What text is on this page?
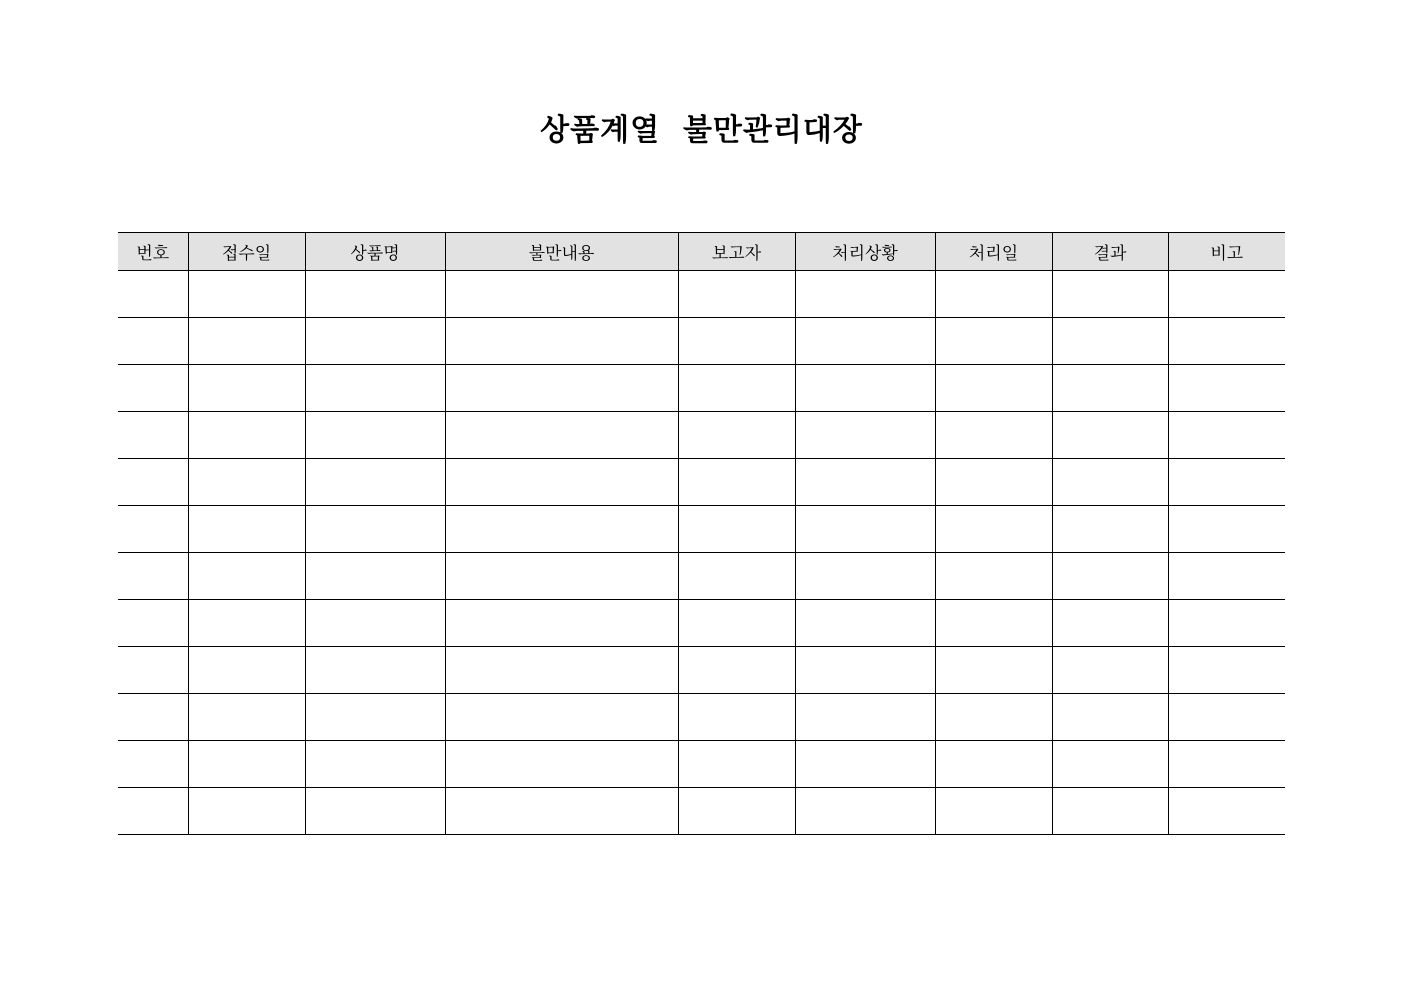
상품계열  불만관리대장
번호	접수일	상품명	불만내용	보고자	처리상황	처리일	결과	비고
